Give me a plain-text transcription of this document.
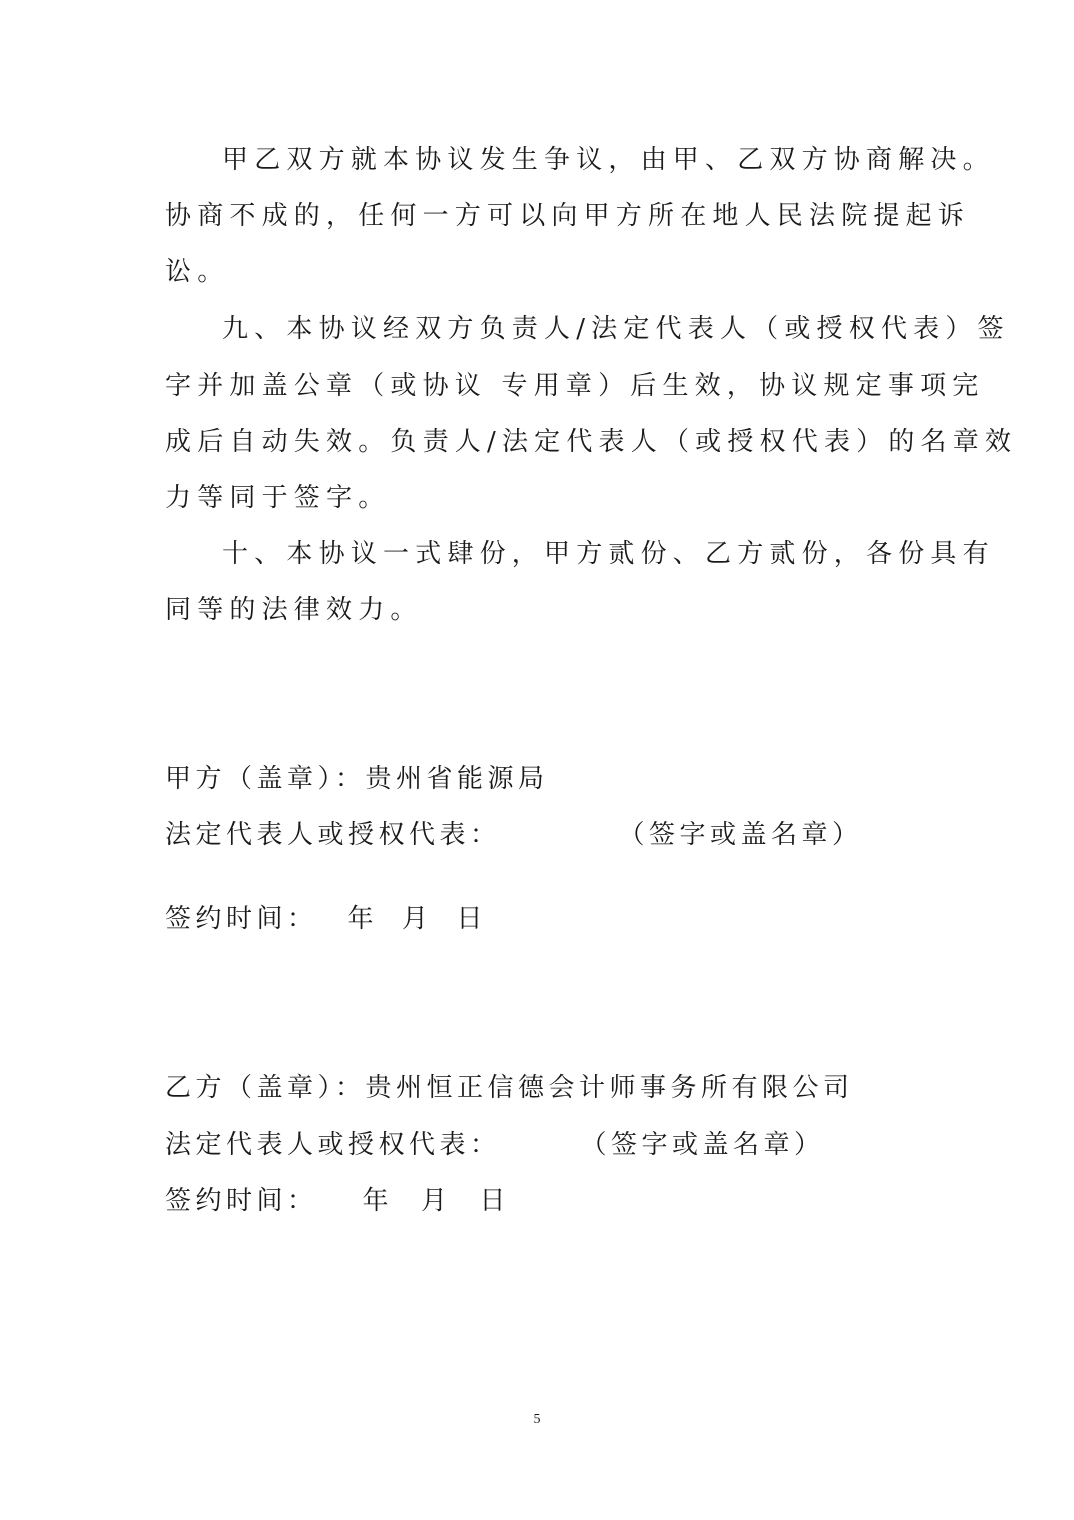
甲乙双方就本协议发生争议，由甲、乙双方协商解决。
协商不成的，任何一方可以向甲方所在地人民法院提起诉
讼。
九、本协议经双方负责人/法定代表人（或授权代表）签
字并加盖公章（或协议 专用章）后生效，协议规定事项完
成后自动失效。负责人/法定代表人（或授权代表）的名章效
力等同于签字。
十、本协议一式肆份，甲方贰份、乙方贰份，各份具有
同等的法律效力。
甲方（盖章）：贵州省能源局
法定代表人或授权代表：	（签字或盖名章）
签约时间： 年 月 日
乙方（盖章）：贵州恒正信德会计师事务所有限公司
法定代表人或授权代表：	（签字或盖名章）
签约时间： 年 月 日
5
